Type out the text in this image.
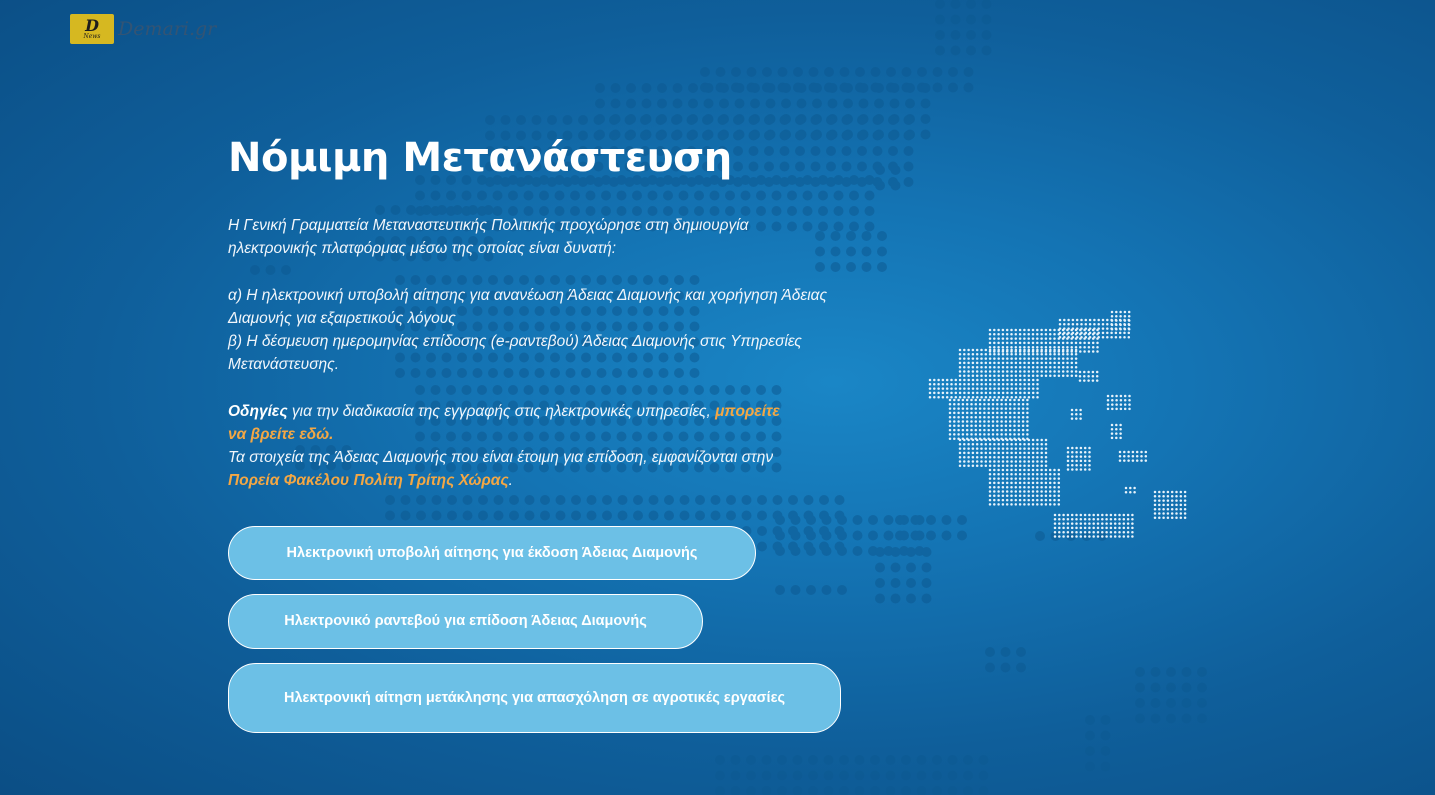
D
News Demari.gr
Νόμιμη Μετανάστευση

Η Γενική Γραμματεία Μεταναστευτικής Πολιτικής προχώρησε στη δημιουργία ηλεκτρονικής πλατφόρμας μέσω της οποίας είναι δυνατή:

α) Η ηλεκτρονική υποβολή αίτησης για ανανέωση Άδειας Διαμονής και χορήγηση Άδειας Διαμονής για εξαιρετικούς λόγους
β) Η δέσμευση ημερομηνίας επίδοσης (e-ραντεβού) Άδειας Διαμονής στις Υπηρεσίες Μετανάστευσης.

Οδηγίες για την διαδικασία της εγγραφής στις ηλεκτρονικές υπηρεσίες, μπορείτε να βρείτε εδώ.
Τα στοιχεία της Άδειας Διαμονής που είναι έτοιμη για επίδοση, εμφανίζονται στην Πορεία Φακέλου Πολίτη Τρίτης Χώρας.

Ηλεκτρονική υποβολή αίτησης για έκδοση Άδειας Διαμονής
Ηλεκτρονικό ραντεβού για επίδοση Άδειας Διαμονής
Ηλεκτρονική αίτηση μετάκλησης για απασχόληση σε αγροτικές εργασίες
